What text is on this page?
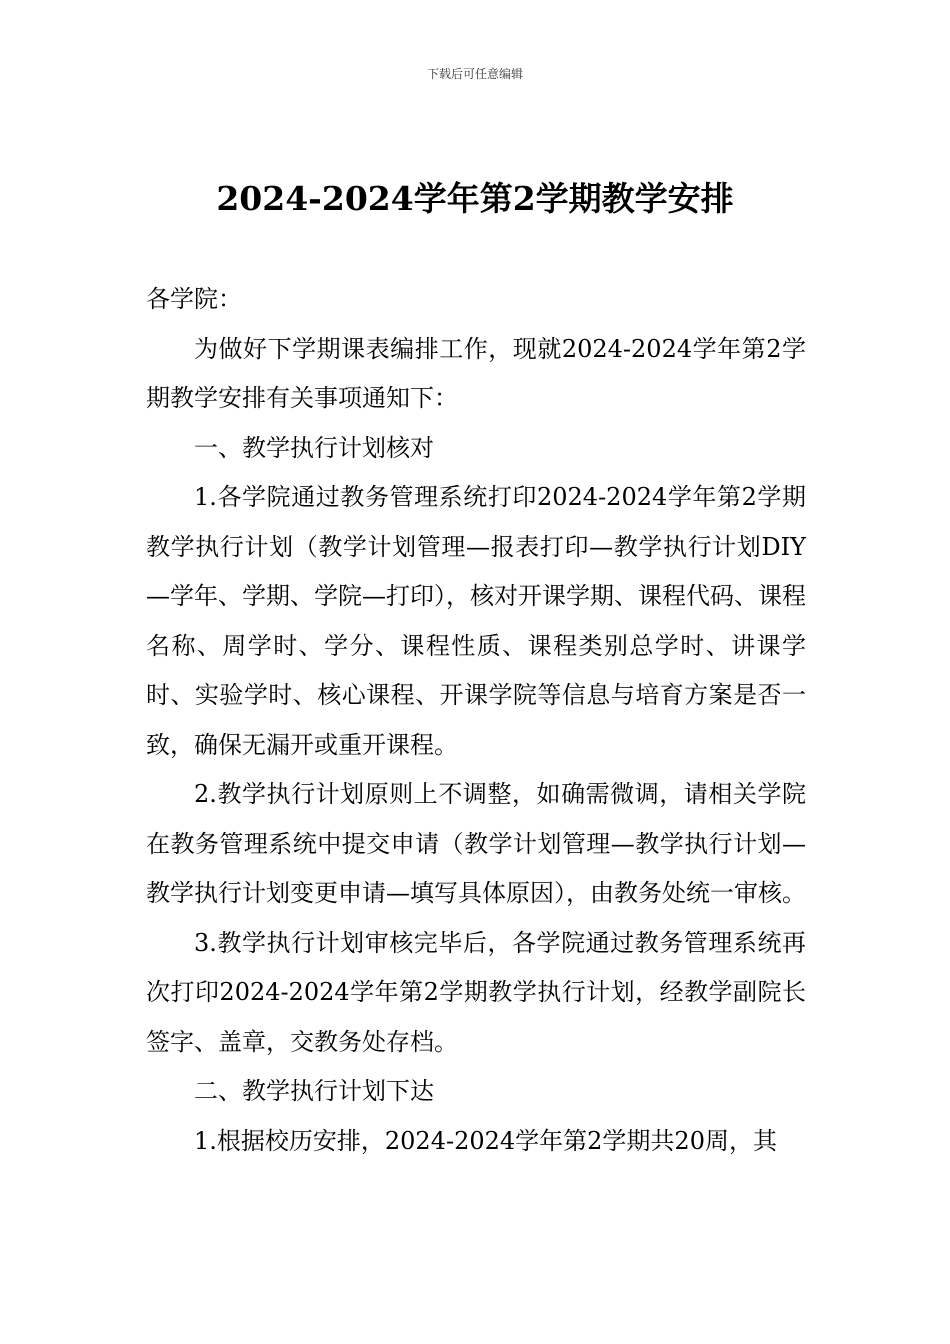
下载后可任意编辑
2024-2024学年第2学期教学安排

各学院：

为做好下学期课表编排工作，现就2024-2024学年第2学期教学安排有关事项通知下：

一、教学执行计划核对

1.各学院通过教务管理系统打印2024-2024学年第2学期教学执行计划（教学计划管理—报表打印—教学执行计划DIY—学年、学期、学院—打印），核对开课学期、课程代码、课程名称、周学时、学分、课程性质、课程类别总学时、讲课学时、实验学时、核心课程、开课学院等信息与培育方案是否一致，确保无漏开或重开课程。

2.教学执行计划原则上不调整，如确需微调，请相关学院在教务管理系统中提交申请（教学计划管理—教学执行计划—教学执行计划变更申请—填写具体原因），由教务处统一审核。

3.教学执行计划审核完毕后，各学院通过教务管理系统再次打印2024-2024学年第2学期教学执行计划，经教学副院长签字、盖章，交教务处存档。

二、教学执行计划下达

1.根据校历安排，2024-2024学年第2学期共20周，其
